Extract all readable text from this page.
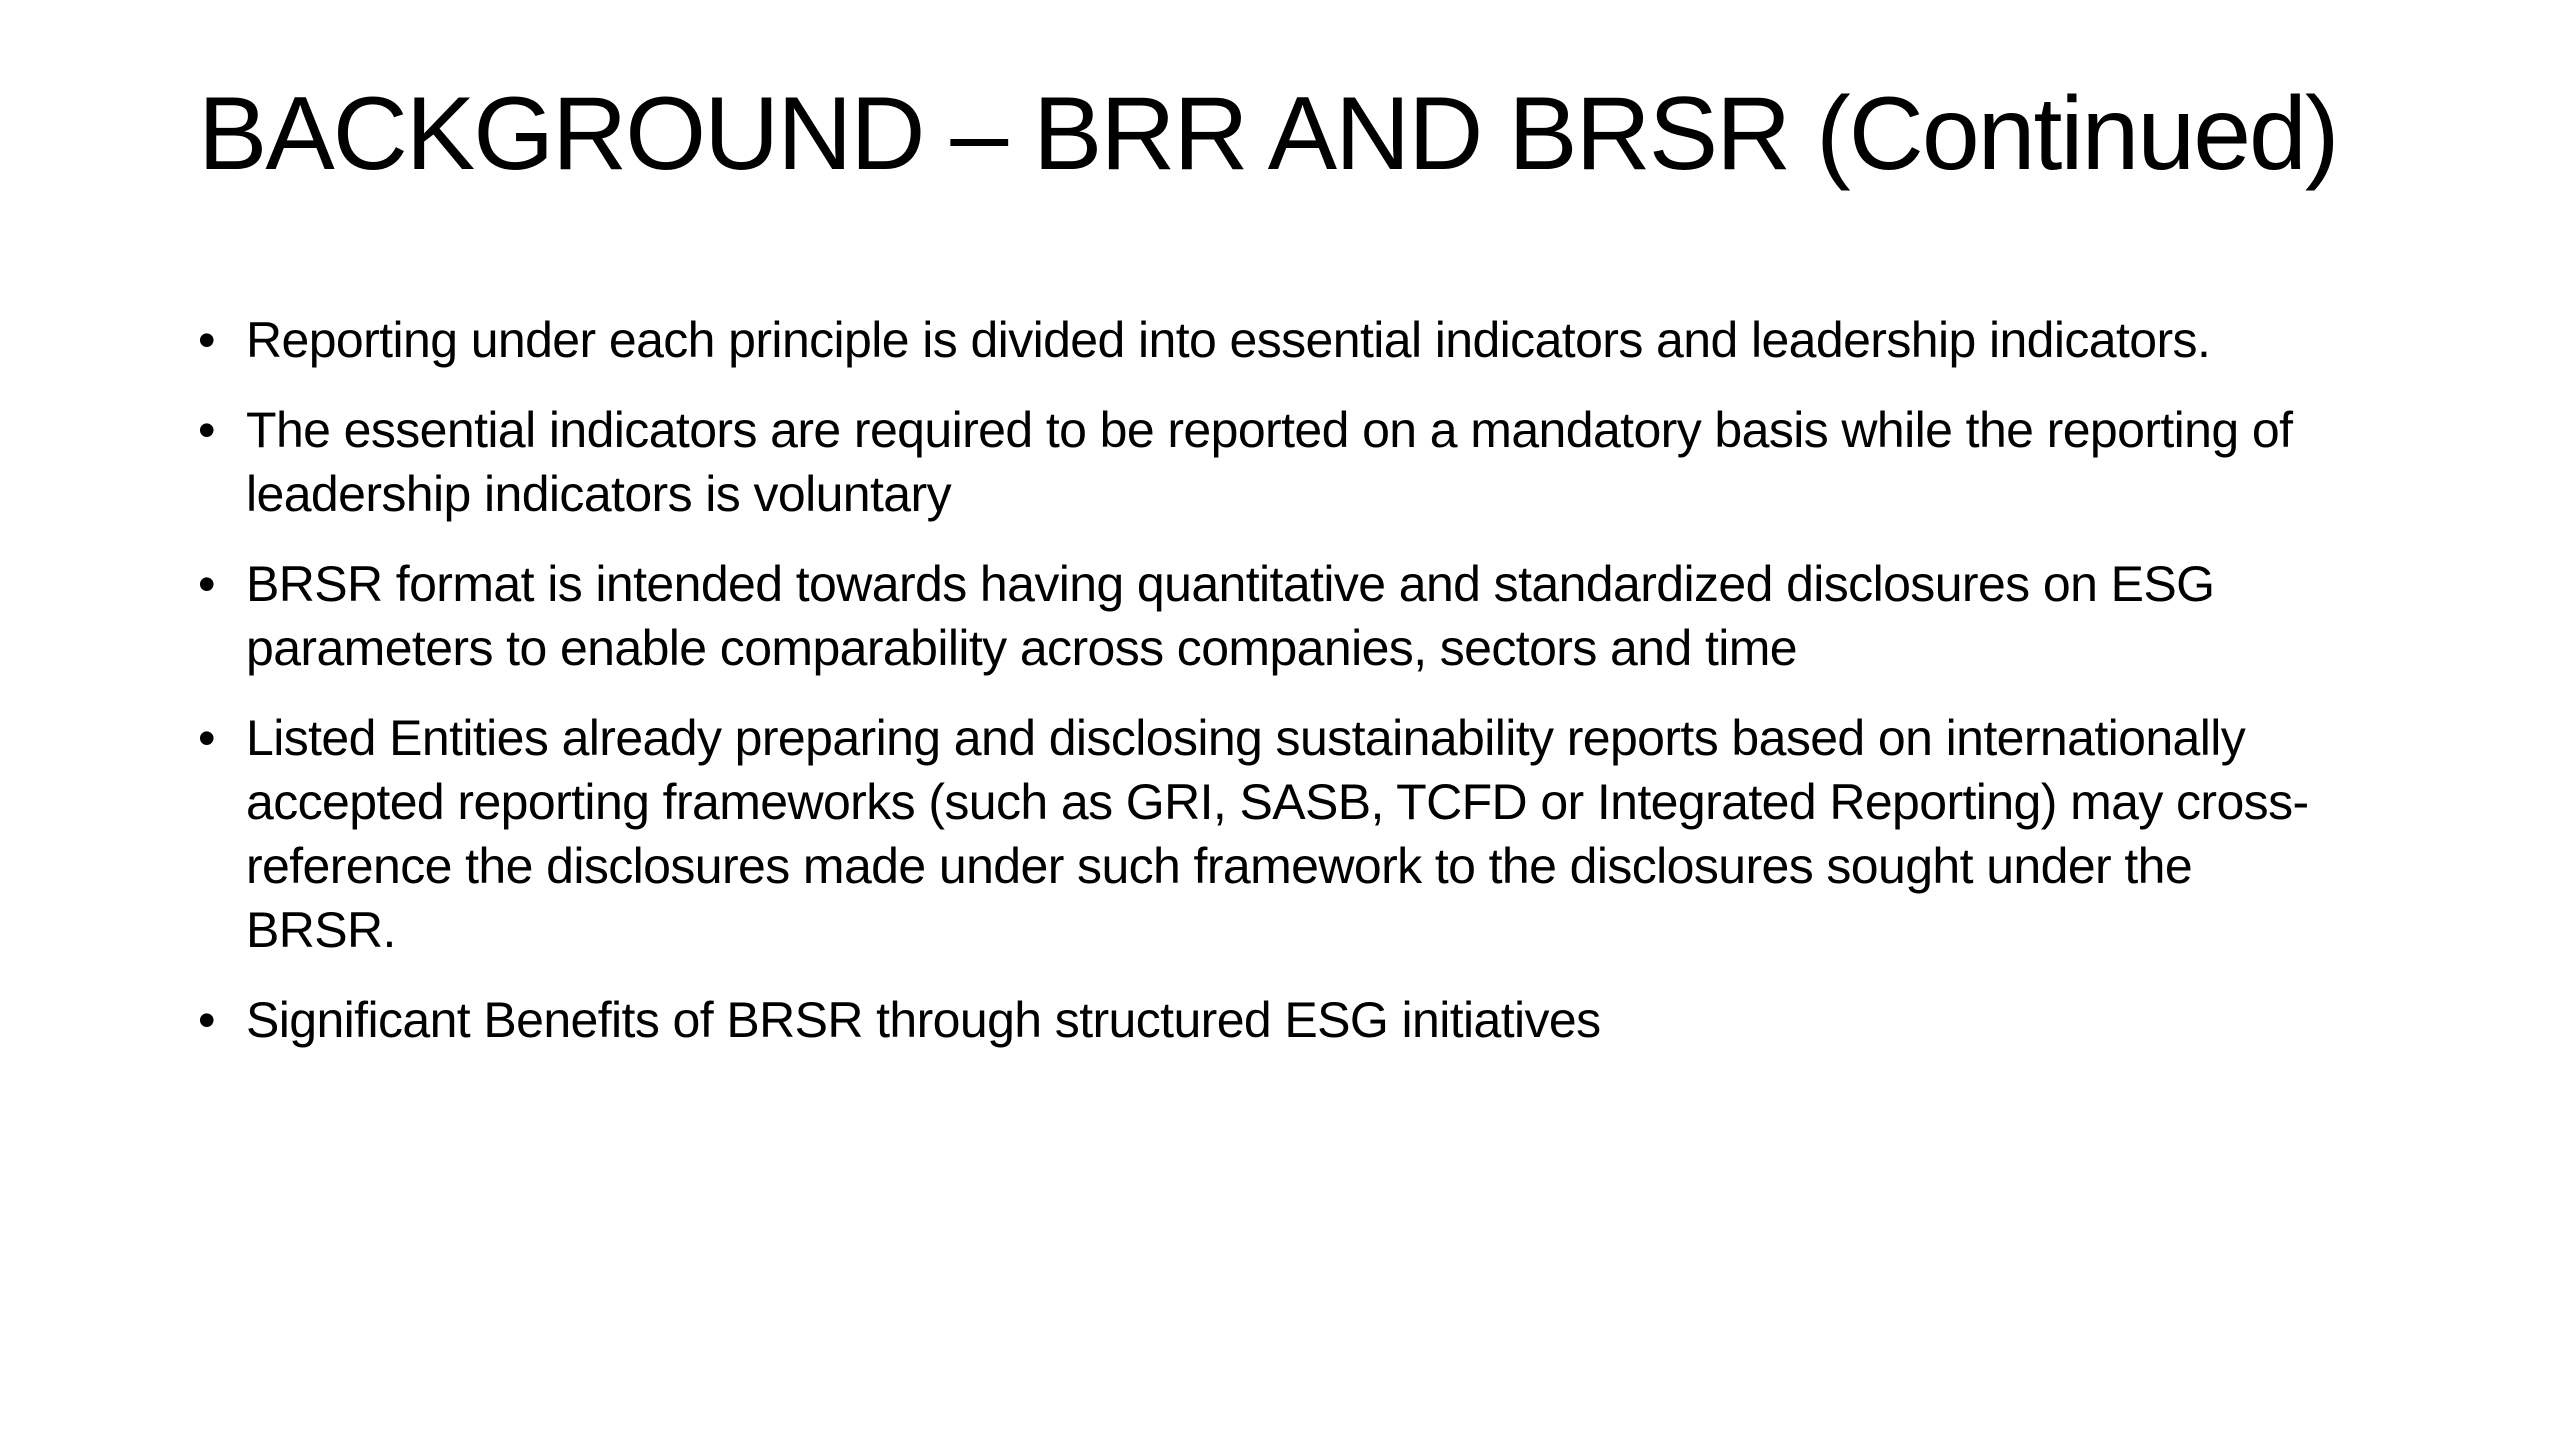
BACKGROUND – BRR AND BRSR (Continued)
• Reporting under each principle is divided into essential indicators and leadership indicators.
• The essential indicators are required to be reported on a mandatory basis while the reporting of leadership indicators is voluntary
• BRSR format is intended towards having quantitative and standardized disclosures on ESG parameters to enable comparability across companies, sectors and time
• Listed Entities already preparing and disclosing sustainability reports based on internationally accepted reporting frameworks (such as GRI, SASB, TCFD or Integrated Reporting) may cross-reference the disclosures made under such framework to the disclosures sought under the BRSR.
• Significant Benefits of BRSR through structured ESG initiatives
